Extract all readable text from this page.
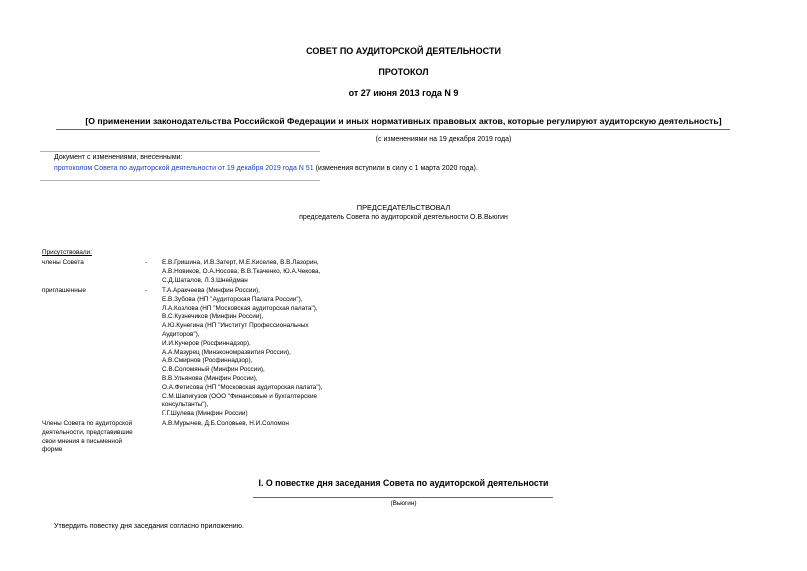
СОВЕТ ПО АУДИТОРСКОЙ ДЕЯТЕЛЬНОСТИ
ПРОТОКОЛ
от 27 июня 2013 года N 9
[О применении законодательства Российской Федерации и иных нормативных правовых актов, которые регулируют аудиторскую деятельность]
(с изменениями на 19 декабря 2019 года)
Документ с изменениями, внесенными:
протоколом Совета по аудиторской деятельности от 19 декабря 2019 года N 51 (изменения вступили в силу с 1 марта 2020 года).
ПРЕДСЕДАТЕЛЬСТВОВАЛ
председатель Совета по аудиторской деятельности О.В.Вьюгин
Присутствовали:
члены Совета	- Е.В.Гришина, И.В.Затерт, М.Е.Киселев, В.В.Лазорин,
А.В.Новиков, О.А.Носова, В.В.Ткаченко, Ю.А.Чекова,
С.Д.Шаталов, Л.З.Шнейдман
приглашенные	- Т.А.Аракчеева (Минфин России),
Е.В.Зубова (НП "Аудиторская Палата России"),
Л.А.Козлова (НП "Московская аудиторская палата"),
В.С.Кузнечиков (Минфин России),
А.Ю.Кунегина (НП "Институт Профессиональных
Аудиторов"),
И.И.Кучеров (Росфиннадзор),
А.А.Мазурец (Минэкономразвития России),
А.В.Смирнов (Росфиннадзор),
С.В.Соломяный (Минфин России),
В.В.Ульянова (Минфин России),
О.А.Фетисова (НП "Московская аудиторская палата"),
С.М.Шапигузов (ООО "Финансовые и бухгалтерские
консультанты"),
Г.Г.Шулева (Минфин России)
Члены Совета по аудиторской
деятельности, представившие
свои мнения в письменной
форме
А.В.Мурычев, Д.Б.Соловьев, Н.И.Соломон
I. О повестке дня заседания Совета по аудиторской деятельности
(Вьюгин)
Утвердить повестку дня заседания согласно приложению.
